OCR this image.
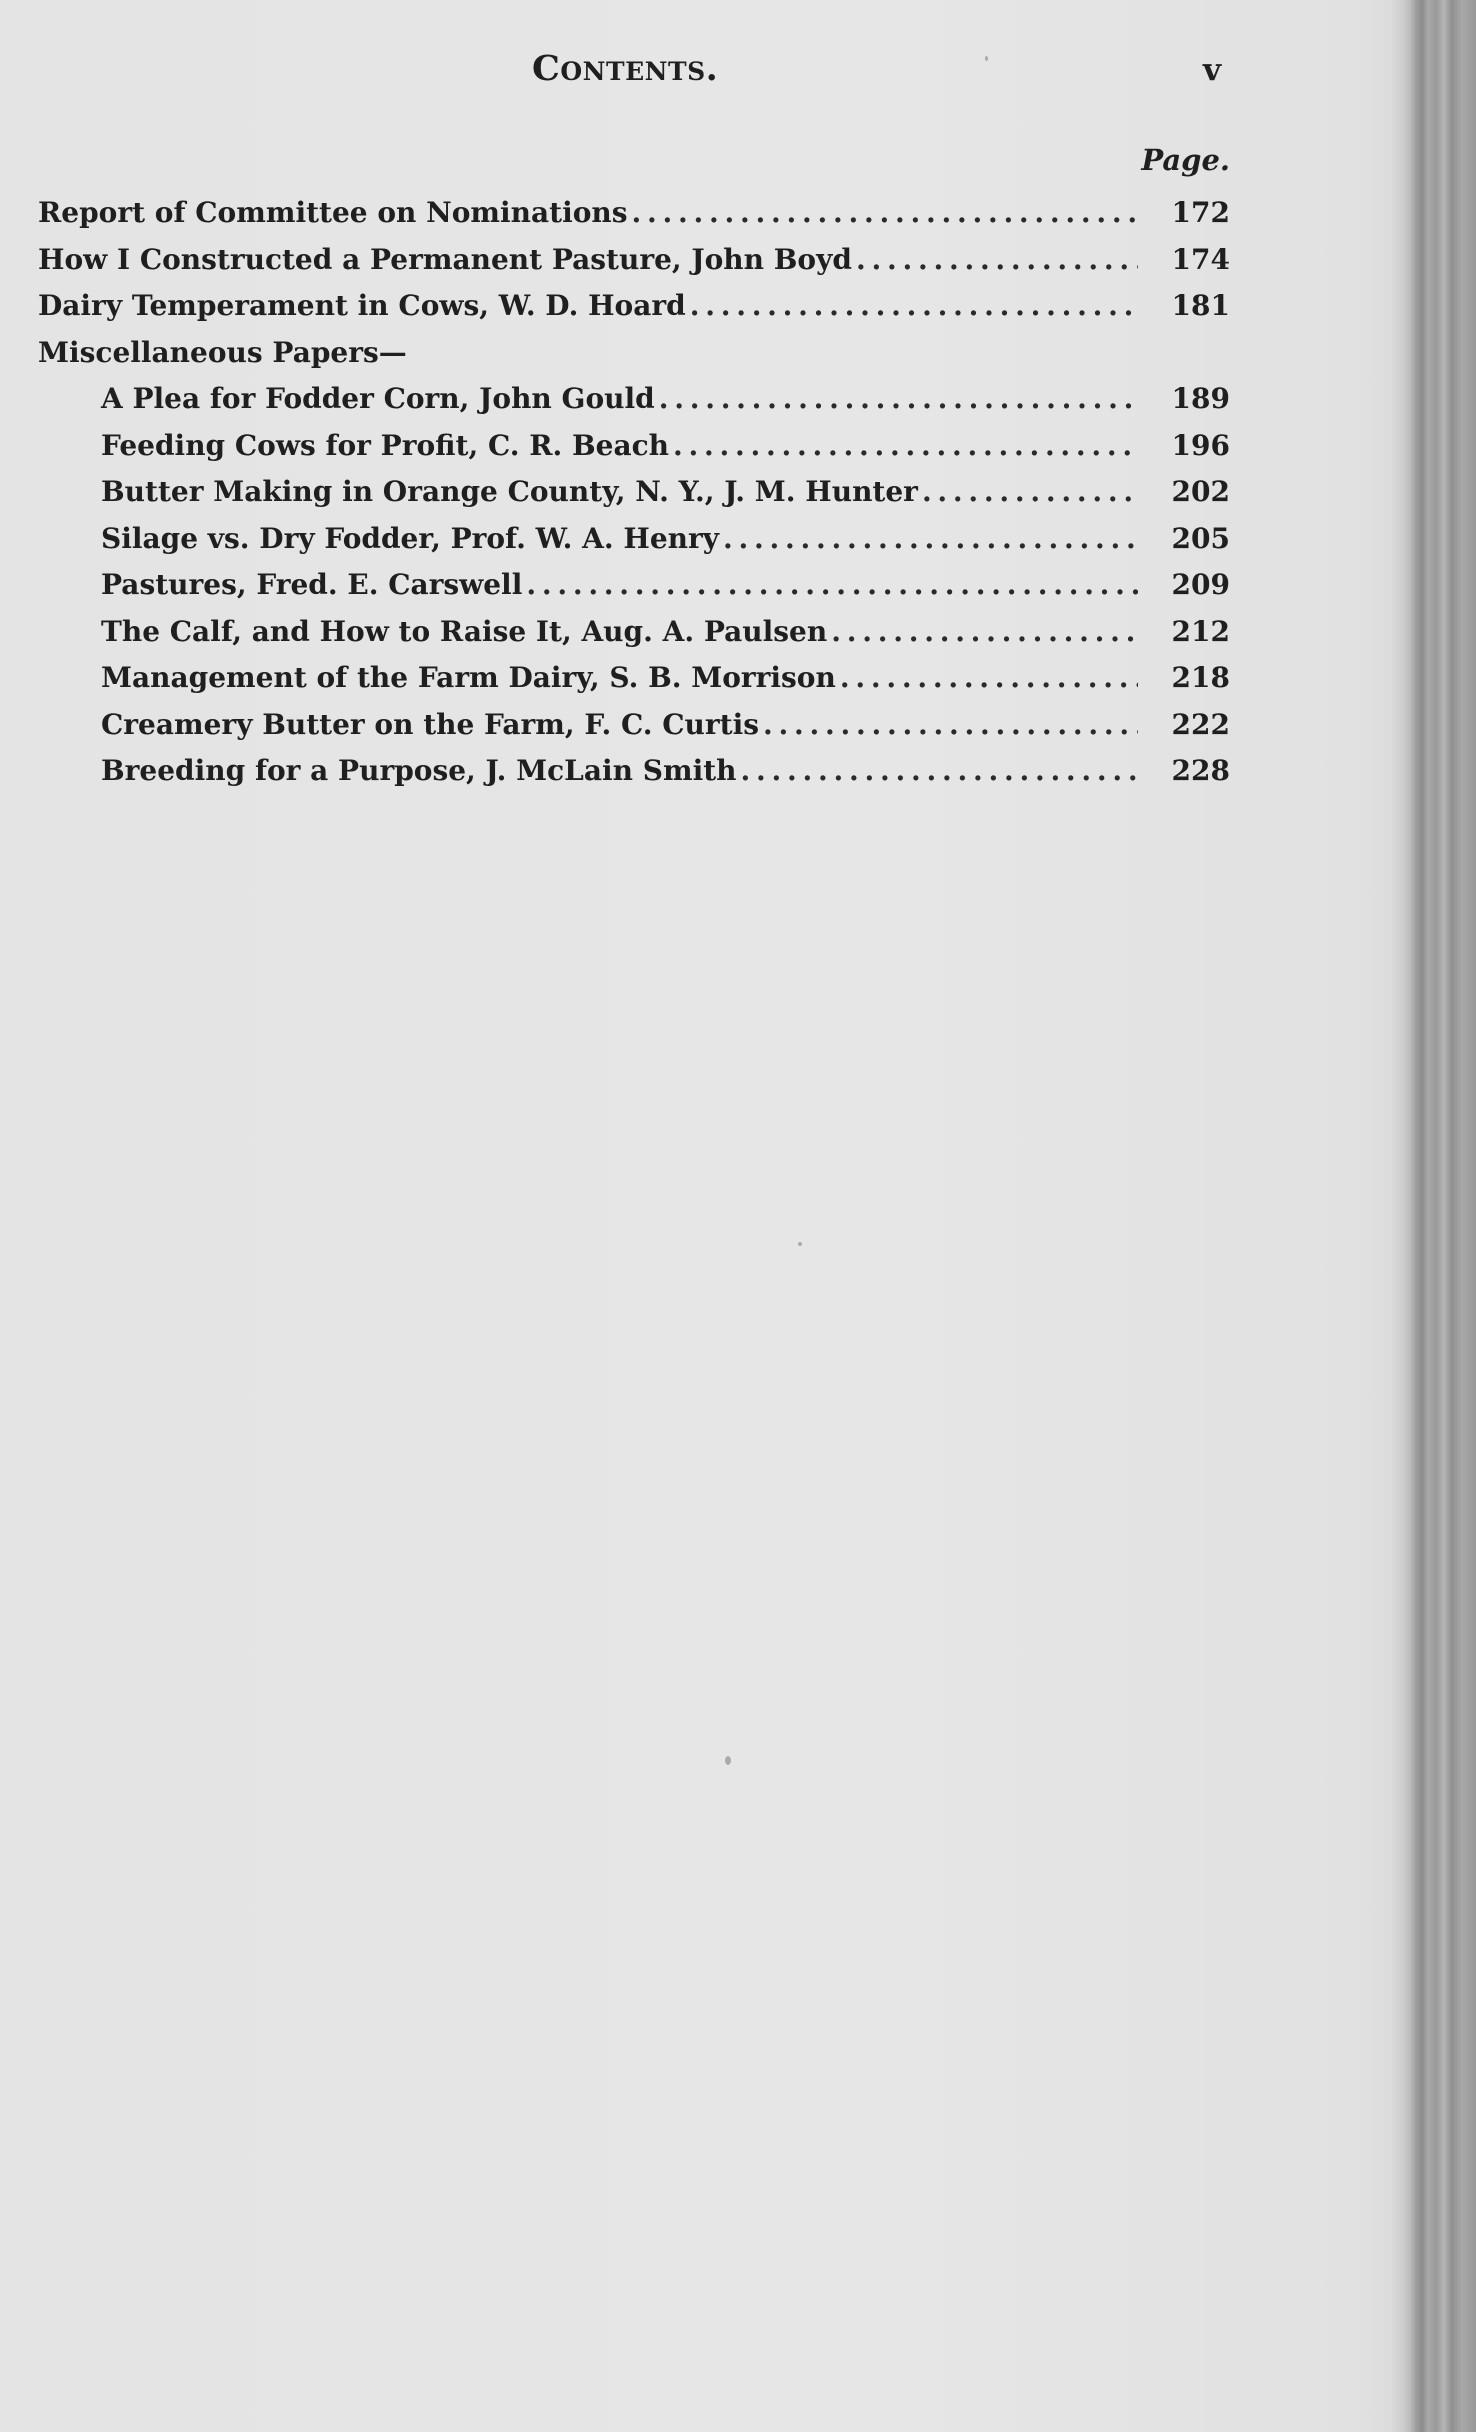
Contents.	v
Page.
Report of Committee on Nominations . . .	172
How I Constructed a Permanent Pasture, John Boyd . . .	174
Dairy Temperament in Cows, W. D. Hoard . . .	181
Miscellaneous Papers—
A Plea for Fodder Corn, John Gould . . .	189
Feeding Cows for Profit, C. R. Beach . . .	196
Butter Making in Orange County, N. Y., J. M. Hunter . . .	202
Silage vs. Dry Fodder, Prof. W. A. Henry . . .	205
Pastures, Fred. E. Carswell . . .	209
The Calf, and How to Raise It, Aug. A. Paulsen . . .	212
Management of the Farm Dairy, S. B. Morrison . . .	218
Creamery Butter on the Farm, F. C. Curtis . . .	222
Breeding for a Purpose, J. McLain Smith . . .	228
